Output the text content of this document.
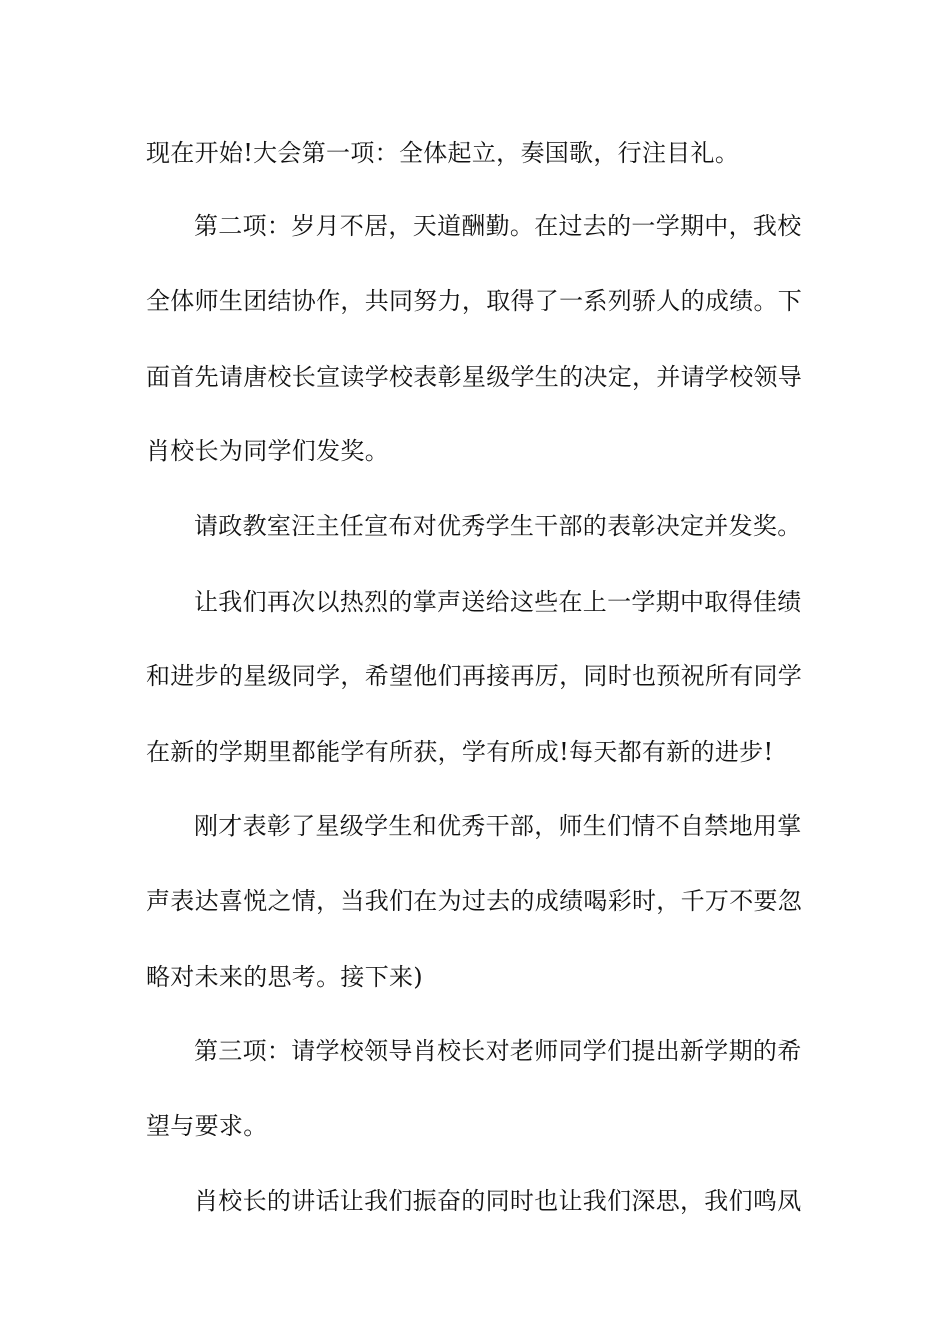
现在开始!大会第一项：全体起立，奏国歌，行注目礼。
第二项：岁月不居，天道酬勤。在过去的一学期中，我校
全体师生团结协作，共同努力，取得了一系列骄人的成绩。下
面首先请唐校长宣读学校表彰星级学生的决定，并请学校领导
肖校长为同学们发奖。
请政教室汪主任宣布对优秀学生干部的表彰决定并发奖。
让我们再次以热烈的掌声送给这些在上一学期中取得佳绩
和进步的星级同学，希望他们再接再厉，同时也预祝所有同学
在新的学期里都能学有所获，学有所成!每天都有新的进步!
刚才表彰了星级学生和优秀干部，师生们情不自禁地用掌
声表达喜悦之情，当我们在为过去的成绩喝彩时，千万不要忽
略对未来的思考。接下来)
第三项：请学校领导肖校长对老师同学们提出新学期的希
望与要求。
肖校长的讲话让我们振奋的同时也让我们深思，我们鸣凤
